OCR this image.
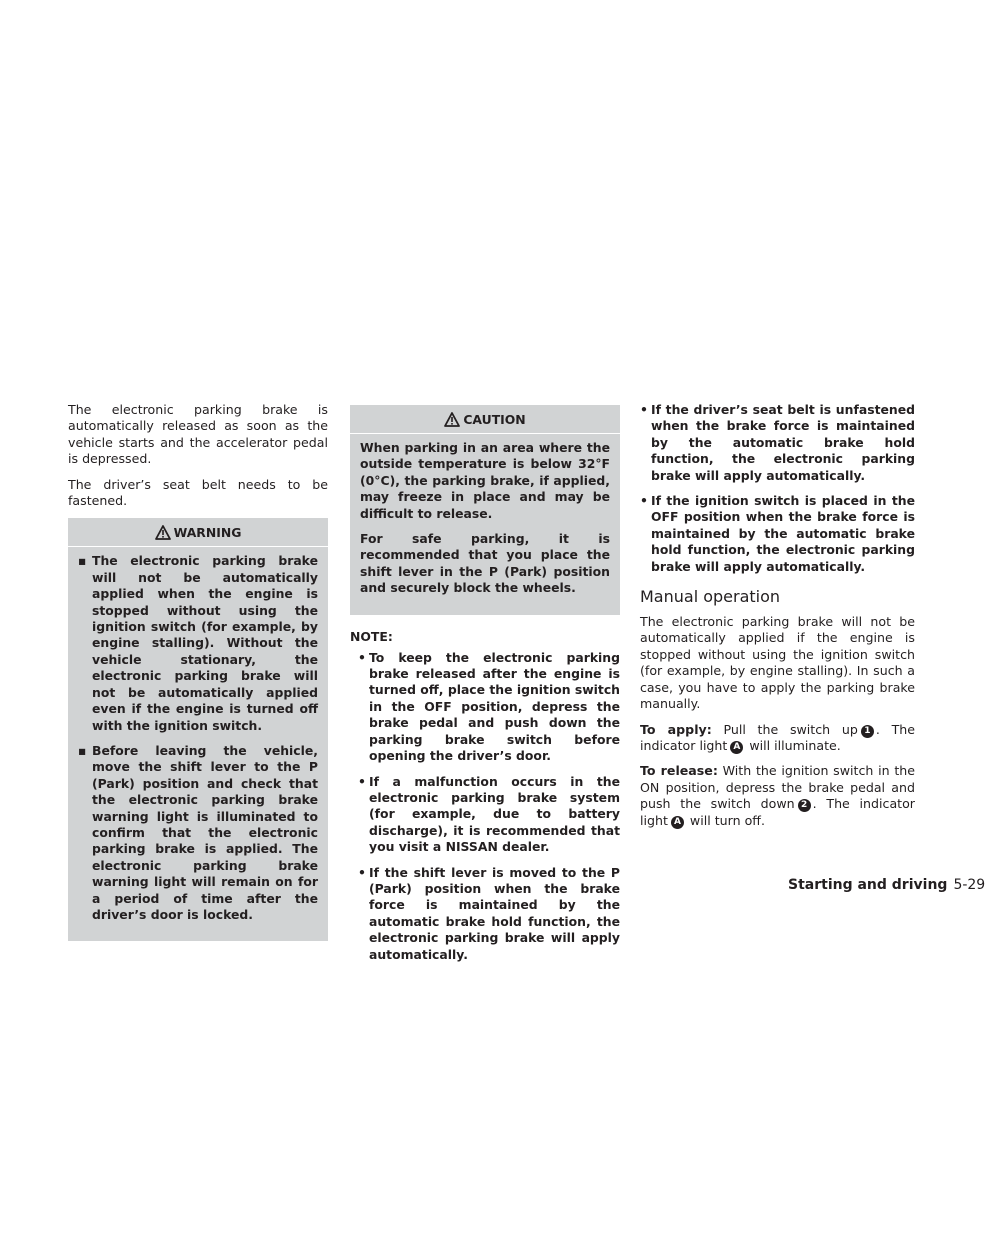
The electronic parking brake is automatically released as soon as the vehicle starts and the accelerator pedal is depressed.

The driver’s seat belt needs to be fastened.

WARNING
▪ The electronic parking brake will not be automatically applied when the engine is stopped without using the ignition switch (for example, by engine stalling). Without the vehicle stationary, the electronic parking brake will not be automatically applied even if the engine is turned off with the ignition switch.
▪ Before leaving the vehicle, move the shift lever to the P (Park) position and check that the electronic parking brake warning light is illuminated to confirm that the electronic parking brake is applied. The electronic parking brake warning light will remain on for a period of time after the driver’s door is locked.
CAUTION

When parking in an area where the outside temperature is below 32°F (0°C), the parking brake, if applied, may freeze in place and may be difficult to release.

For safe parking, it is recommended that you place the shift lever in the P (Park) position and securely block the wheels.

NOTE:
• To keep the electronic parking brake released after the engine is turned off, place the ignition switch in the OFF position, depress the brake pedal and push down the parking brake switch before opening the driver’s door.
• If a malfunction occurs in the electronic parking brake system (for example, due to battery discharge), it is recommended that you visit a NISSAN dealer.
• If the shift lever is moved to the P (Park) position when the brake force is maintained by the automatic brake hold function, the electronic parking brake will apply automatically.
• If the driver’s seat belt is unfastened when the brake force is maintained by the automatic brake hold function, the electronic parking brake will apply automatically.
• If the ignition switch is placed in the OFF position when the brake force is maintained by the automatic brake hold function, the electronic parking brake will apply automatically.
Manual operation

The electronic parking brake will not be automatically applied if the engine is stopped without using the ignition switch (for example, by engine stalling). In such a case, you have to apply the parking brake manually.

To apply: Pull the switch up 1 . The indicator light A will illuminate.

To release: With the ignition switch in the ON position, depress the brake pedal and push the switch down 2 . The indicator light A will turn off.

Starting and driving 5-29
